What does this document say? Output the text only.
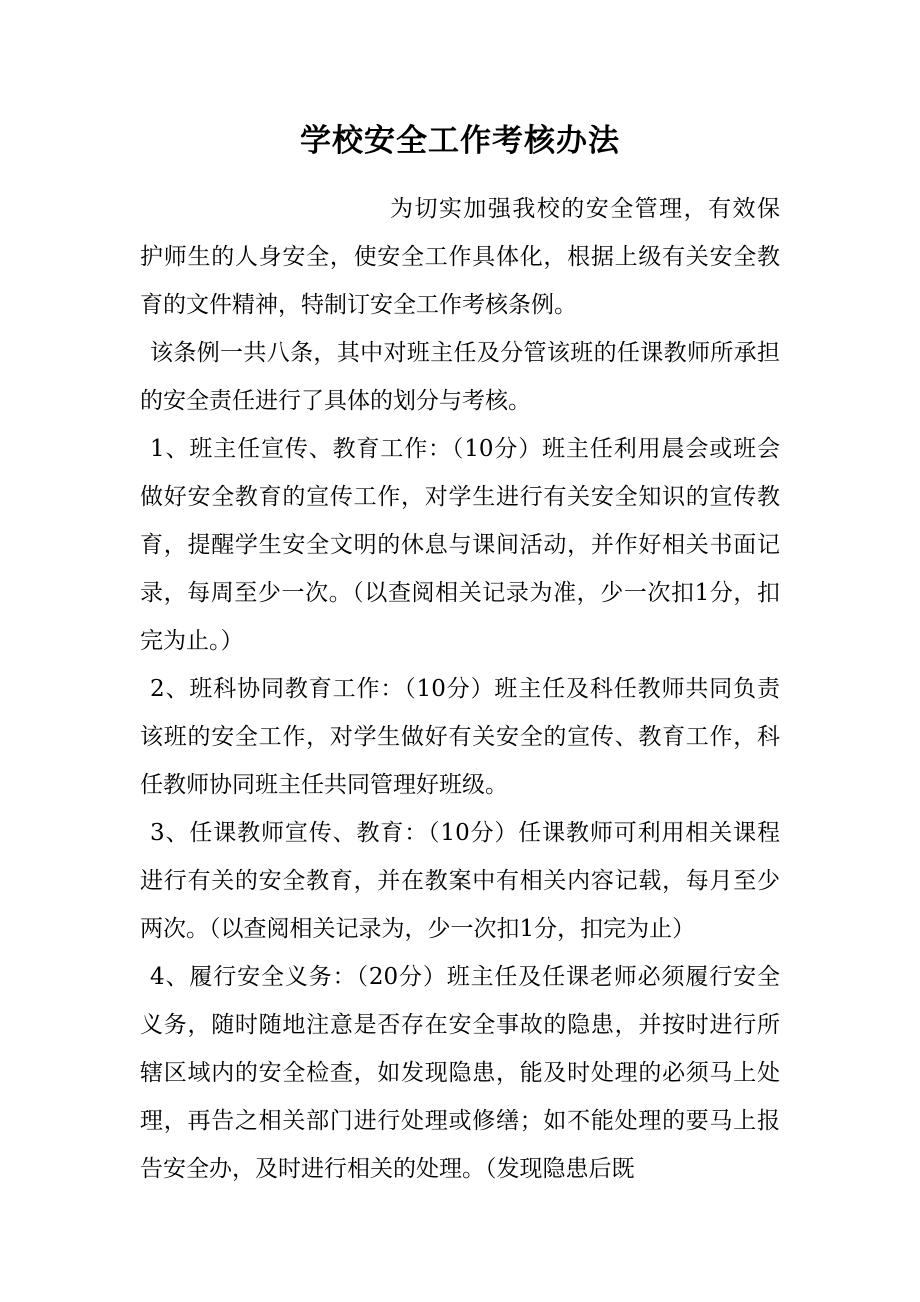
学校安全工作考核办法

为切实加强我校的安全管理，有效保护师生的人身安全，使安全工作具体化，根据上级有关安全教育的文件精神，特制订安全工作考核条例。

该条例一共八条，其中对班主任及分管该班的任课教师所承担的安全责任进行了具体的划分与考核。

1、班主任宣传、教育工作：（10分）班主任利用晨会或班会做好安全教育的宣传工作，对学生进行有关安全知识的宣传教育，提醒学生安全文明的休息与课间活动，并作好相关书面记录，每周至少一次。（以查阅相关记录为准，少一次扣1分，扣完为止。）

2、班科协同教育工作：（10分）班主任及科任教师共同负责该班的安全工作，对学生做好有关安全的宣传、教育工作，科任教师协同班主任共同管理好班级。

3、任课教师宣传、教育：（10分）任课教师可利用相关课程进行有关的安全教育，并在教案中有相关内容记载，每月至少两次。（以查阅相关记录为，少一次扣1分，扣完为止）

4、履行安全义务：（20分）班主任及任课老师必须履行安全义务，随时随地注意是否存在安全事故的隐患，并按时进行所辖区域内的安全检查，如发现隐患，能及时处理的必须马上处理，再告之相关部门进行处理或修缮；如不能处理的要马上报告安全办，及时进行相关的处理。（发现隐患后既
